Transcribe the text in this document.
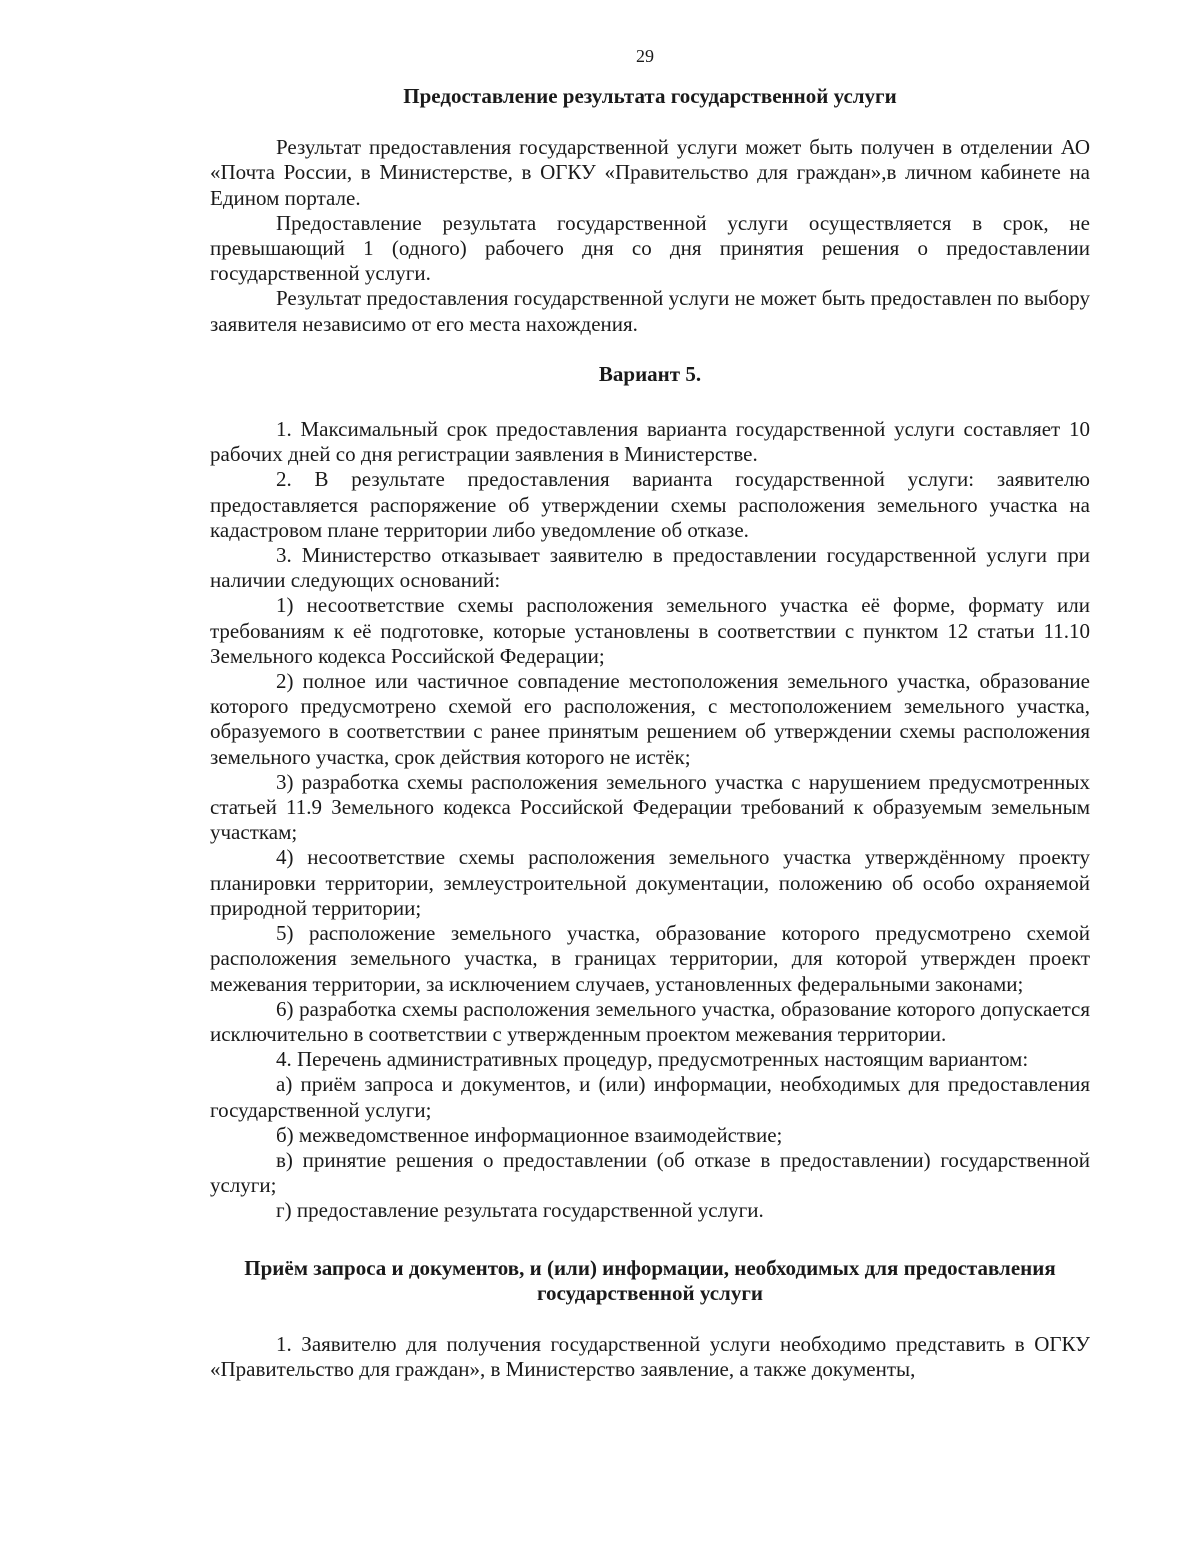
29

Предоставление результата государственной услуги

Результат предоставления государственной услуги может быть получен в отделении АО «Почта России, в Министерстве, в ОГКУ «Правительство для граждан»,в личном кабинете на Едином портале.

Предоставление результата государственной услуги осуществляется в срок, не превышающий 1 (одного) рабочего дня со дня принятия решения о предоставлении государственной услуги.

Результат предоставления государственной услуги не может быть предоставлен по выбору заявителя независимо от его места нахождения.

Вариант 5.

1. Максимальный срок предоставления варианта государственной услуги составляет 10 рабочих дней со дня регистрации заявления в Министерстве.

2. В результате предоставления варианта государственной услуги: заявителю предоставляется распоряжение об утверждении схемы расположения земельного участка на кадастровом плане территории либо уведомление об отказе.

3. Министерство отказывает заявителю в предоставлении государственной услуги при наличии следующих оснований:

1) несоответствие схемы расположения земельного участка её форме, формату или требованиям к её подготовке, которые установлены в соответствии с пунктом 12 статьи 11.10 Земельного кодекса Российской Федерации;

2) полное или частичное совпадение местоположения земельного участка, образование которого предусмотрено схемой его расположения, с местоположением земельного участка, образуемого в соответствии с ранее принятым решением об утверждении схемы расположения земельного участка, срок действия которого не истёк;

3) разработка схемы расположения земельного участка с нарушением предусмотренных статьей 11.9 Земельного кодекса Российской Федерации требований к образуемым земельным участкам;

4) несоответствие схемы расположения земельного участка утверждённому проекту планировки территории, землеустроительной документации, положению об особо охраняемой природной территории;

5) расположение земельного участка, образование которого предусмотрено схемой расположения земельного участка, в границах территории, для которой утвержден проект межевания территории, за исключением случаев, установленных федеральными законами;

6) разработка схемы расположения земельного участка, образование которого допускается исключительно в соответствии с утвержденным проектом межевания территории.

4. Перечень административных процедур, предусмотренных настоящим вариантом:

а) приём запроса и документов, и (или) информации, необходимых для предоставления государственной услуги;

б) межведомственное информационное взаимодействие;

в) принятие решения о предоставлении (об отказе в предоставлении) государственной услуги;

г) предоставление результата государственной услуги.

Приём запроса и документов, и (или) информации, необходимых для предоставления
государственной услуги

1. Заявителю для получения государственной услуги необходимо представить в ОГКУ «Правительство для граждан», в Министерство заявление, а также документы,
